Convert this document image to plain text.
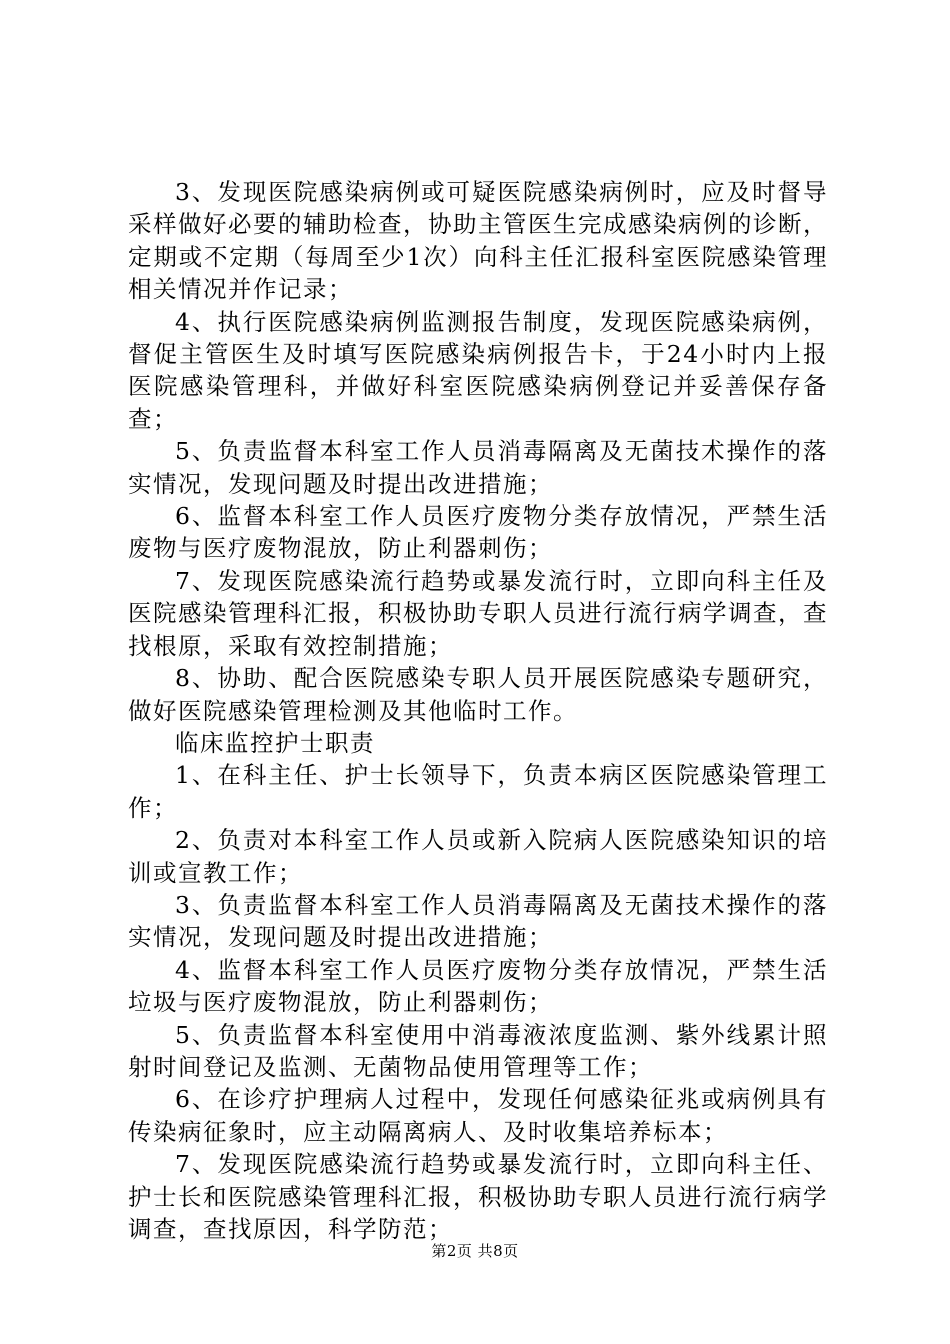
3、发现医院感染病例或可疑医院感染病例时，应及时督导采样做好必要的辅助检查，协助主管医生完成感染病例的诊断，定期或不定期（每周至少1次）向科主任汇报科室医院感染管理相关情况并作记录；

4、执行医院感染病例监测报告制度，发现医院感染病例，督促主管医生及时填写医院感染病例报告卡，于24小时内上报医院感染管理科，并做好科室医院感染病例登记并妥善保存备查；

5、负责监督本科室工作人员消毒隔离及无菌技术操作的落实情况，发现问题及时提出改进措施；

6、监督本科室工作人员医疗废物分类存放情况，严禁生活废物与医疗废物混放，防止利器刺伤；

7、发现医院感染流行趋势或暴发流行时，立即向科主任及医院感染管理科汇报，积极协助专职人员进行流行病学调查，查找根原，采取有效控制措施；

8、协助、配合医院感染专职人员开展医院感染专题研究，做好医院感染管理检测及其他临时工作。

临床监控护士职责

1、在科主任、护士长领导下，负责本病区医院感染管理工作；

2、负责对本科室工作人员或新入院病人医院感染知识的培训或宣教工作；

3、负责监督本科室工作人员消毒隔离及无菌技术操作的落实情况，发现问题及时提出改进措施；

4、监督本科室工作人员医疗废物分类存放情况，严禁生活垃圾与医疗废物混放，防止利器刺伤；

5、负责监督本科室使用中消毒液浓度监测、紫外线累计照射时间登记及监测、无菌物品使用管理等工作；

6、在诊疗护理病人过程中，发现任何感染征兆或病例具有传染病征象时，应主动隔离病人、及时收集培养标本；

7、发现医院感染流行趋势或暴发流行时，立即向科主任、护士长和医院感染管理科汇报，积极协助专职人员进行流行病学调查，查找原因，科学防范；

第2页 共8页
